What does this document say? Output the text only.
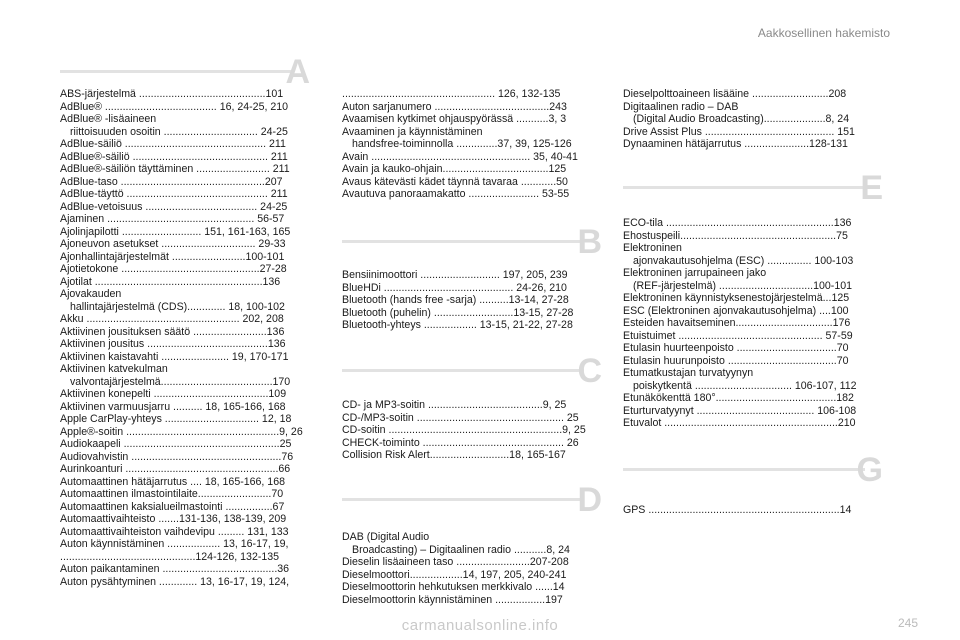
Aakkosellinen hakemisto
A
ABS-järjestelmä ...........................................101
AdBlue® ...................................... 16, 24-25, 210
AdBlue® -lisäaineen
riittoisuuden osoitin ................................ 24-25
AdBlue-säiliö ................................................ 211
AdBlue®-säiliö .............................................. 211
AdBlue®-säiliön täyttäminen ......................... 211
AdBlue-taso .................................................207
AdBlue-täyttö ................................................ 211
AdBlue-vetoisuus ...................................... 24-25
Ajaminen .................................................. 56-57
Ajolinjapilotti ........................... 151, 161-163, 165
Ajoneuvon asetukset ................................ 29-33
Ajonhallintajärjestelmät .........................100-101
Ajotietokone ...............................................27-28
Ajotilat .........................................................136
Ajovakauden
hallintajärjestelmä (CDS)............. 18, 100-102
Akku .................................................... 202, 208
Aktiivinen jousituksen säätö .........................136
Aktiivinen jousitus .........................................136
Aktiivinen kaistavahti ....................... 19, 170-171
Aktiivinen katvekulman
valvontajärjestelmä......................................170
Aktiivinen konepelti .......................................109
Aktiivinen varmuusjarru .......... 18, 165-166, 168
Apple CarPlay-yhteys ................................ 12, 18
Apple®-soitin ....................................................9, 26
Audiokaapeli .....................................................25
Audiovahvistin ...................................................76
Aurinkoanturi ....................................................66
Automaattinen hätäjarrutus .... 18, 165-166, 168
Automaattinen ilmastointilaite.........................70
Automaattinen kaksialueilmastointi ................67
Automaattivaihteisto .......131-136, 138-139, 209
Automaattivaihteiston vaihdevipu ......... 131, 133
Auton käynnistäminen .................. 13, 16-17, 19,
..............................................124-126, 132-135
Auton paikantaminen .......................................36
Auton pysähtyminen ............. 13, 16-17, 19, 124,
.................................................... 126, 132-135
Auton sarjanumero .......................................243
Avaamisen kytkimet ohjauspyörässä ...........3, 3
Avaaminen ja käynnistäminen
handsfree-toiminnolla ..............37, 39, 125-126
Avain ...................................................... 35, 40-41
Avain ja kauko-ohjain....................................125
Avaus kätevästi kädet täynnä tavaraa ............50
Avautuva panoraamakatto ........................ 53-55
B
Bensiinimoottori ........................... 197, 205, 239
BlueHDi ............................................ 24-26, 210
Bluetooth (hands free -sarja) ..........13-14, 27-28
Bluetooth (puhelin) ...........................13-15, 27-28
Bluetooth-yhteys .................. 13-15, 21-22, 27-28
C
CD- ja MP3-soitin .......................................9, 25
CD-/MP3-soitin .................................................. 25
CD-soitin ...........................................................9, 25
CHECK-toiminto ................................................ 26
Collision Risk Alert...........................18, 165-167
D
DAB (Digital Audio
Broadcasting) – Digitaalinen radio ...........8, 24
Dieselin lisäaineen taso .........................207-208
Dieselmoottori..................14, 197, 205, 240-241
Dieselmoottorin hehkutuksen merkkivalo ......14
Dieselmoottorin käynnistäminen .................197
Dieselpolttoaineen lisääine ..........................208
Digitaalinen radio – DAB
(Digital Audio Broadcasting).....................8, 24
Drive Assist Plus ............................................ 151
Dynaaminen hätäjarrutus ......................128-131
E
ECO-tila .........................................................136
Ehostuspeili.....................................................75
Elektroninen
ajonvakautusohjelma (ESC) ............... 100-103
Elektroninen jarrupaineen jako
(REF-järjestelmä) ................................100-101
Elektroninen käynnistyksenestojärjestelmä...125
ESC (Elektroninen ajonvakautusohjelma) ....100
Esteiden havaitseminen.................................176
Etuistuimet ................................................. 57-59
Etulasin huurteenpoisto ..................................70
Etulasin huurunpoisto .....................................70
Etumatkustajan turvatyynyn
poiskytkentä ................................. 106-107, 112
Etunäkökenttä 180°.........................................182
Eturturvatyynyt ........................................ 106-108
Etuvalot ...........................................................210
G
GPS .................................................................14
carmanualsonline.info	245
